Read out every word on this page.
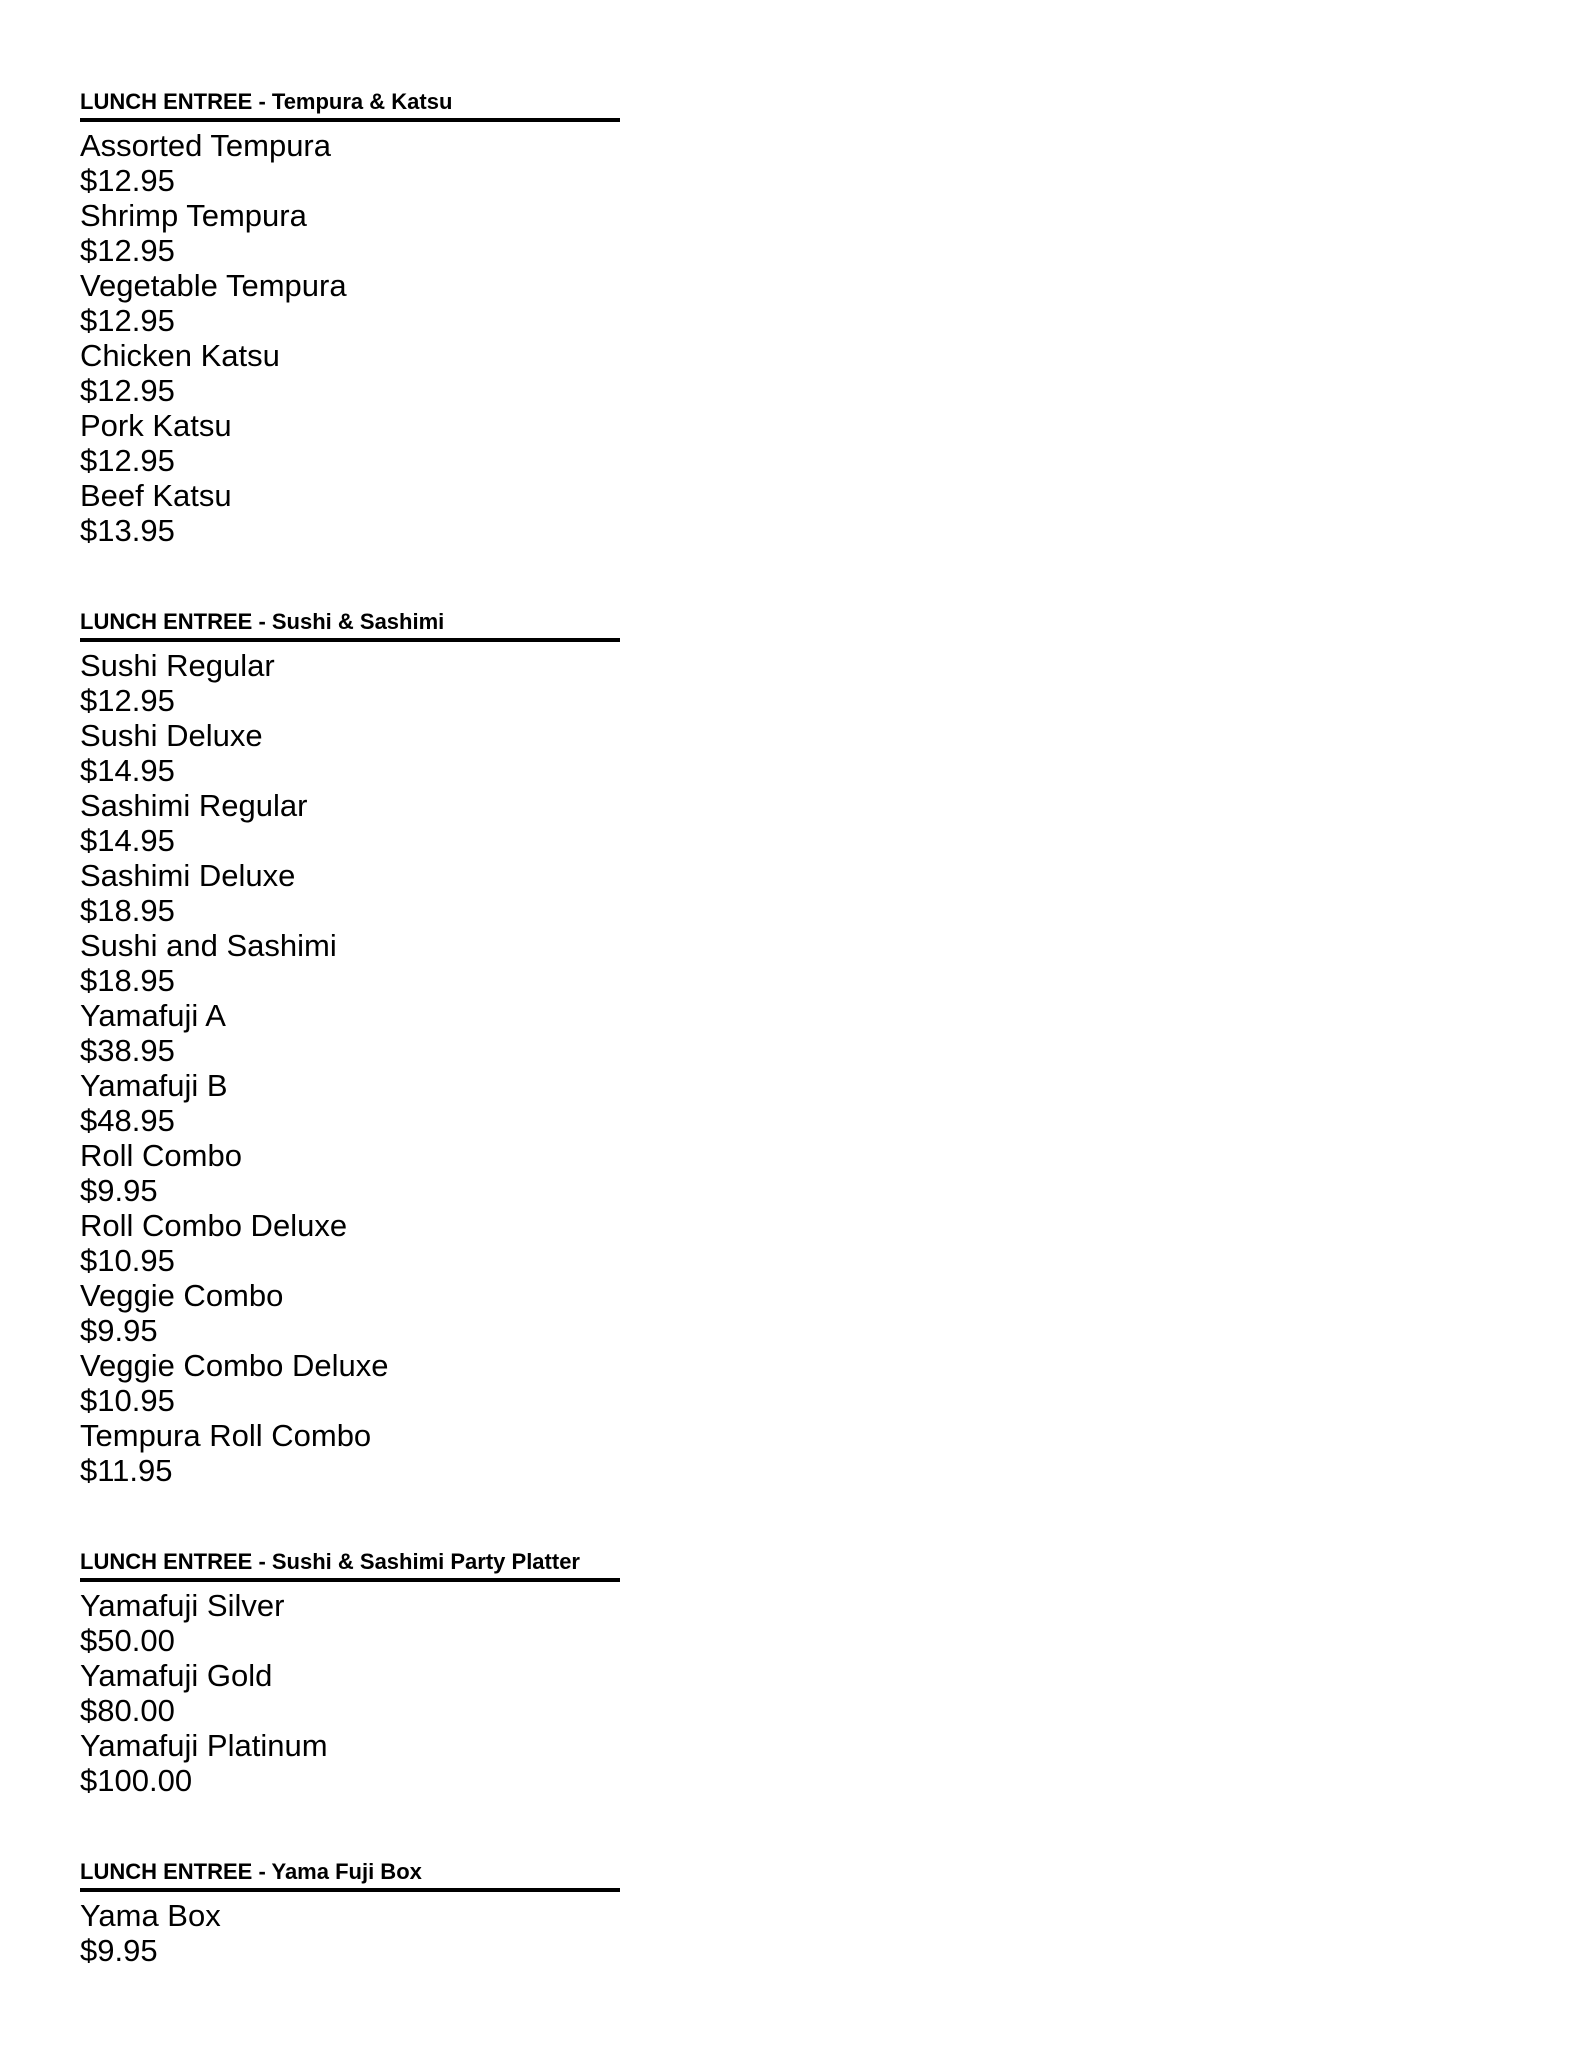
LUNCH ENTREE - Tempura & Katsu
Assorted Tempura
$12.95
Shrimp Tempura
$12.95
Vegetable Tempura
$12.95
Chicken Katsu
$12.95
Pork Katsu
$12.95
Beef Katsu
$13.95
LUNCH ENTREE - Sushi & Sashimi
Sushi Regular
$12.95
Sushi Deluxe
$14.95
Sashimi Regular
$14.95
Sashimi Deluxe
$18.95
Sushi and Sashimi
$18.95
Yamafuji A
$38.95
Yamafuji B
$48.95
Roll Combo
$9.95
Roll Combo Deluxe
$10.95
Veggie Combo
$9.95
Veggie Combo Deluxe
$10.95
Tempura Roll Combo
$11.95
LUNCH ENTREE - Sushi & Sashimi Party Platter
Yamafuji Silver
$50.00
Yamafuji Gold
$80.00
Yamafuji Platinum
$100.00
LUNCH ENTREE - Yama Fuji Box
Yama Box
$9.95
